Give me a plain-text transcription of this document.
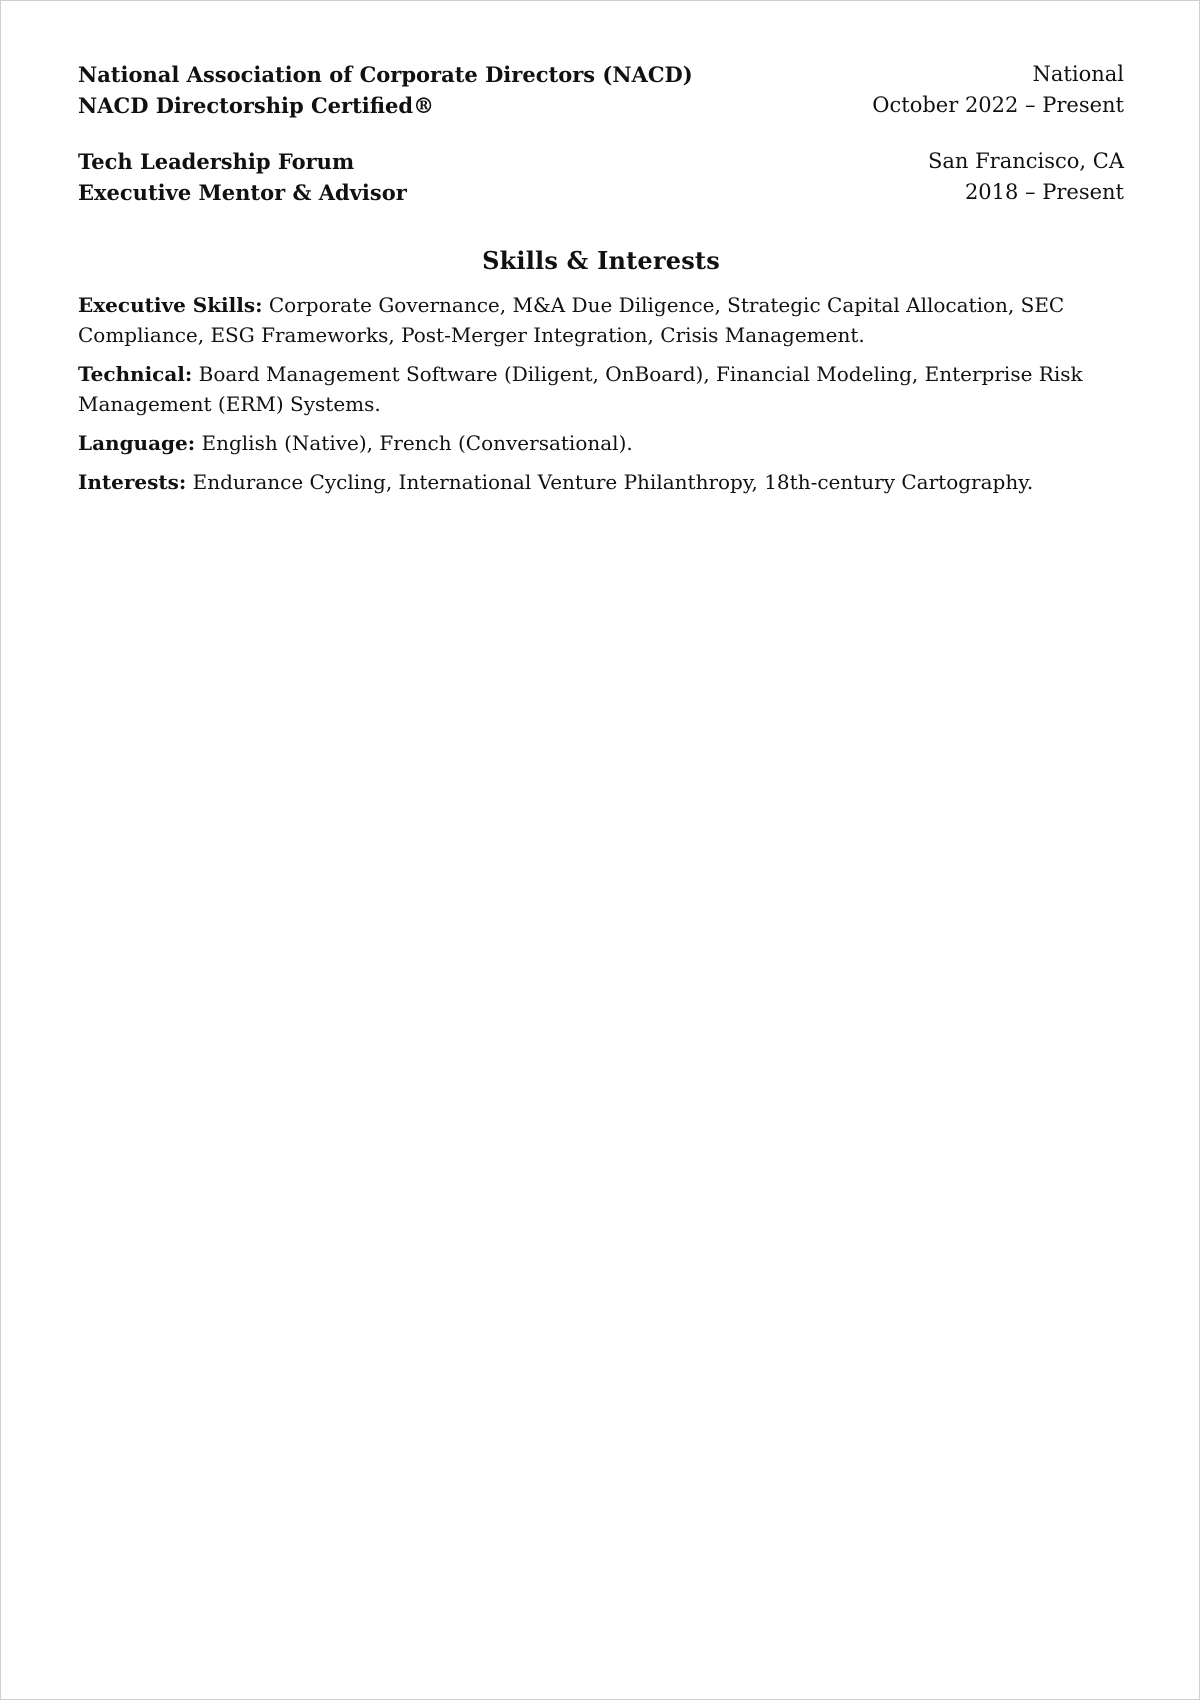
National Association of Corporate Directors (NACD)
NACD Directorship Certified®
National
October 2022 – Present
Tech Leadership Forum
Executive Mentor & Advisor
San Francisco, CA
2018 – Present
Skills & Interests

Executive Skills: Corporate Governance, M&A Due Diligence, Strategic Capital Allocation, SEC Compliance, ESG Frameworks, Post-Merger Integration, Crisis Management.

Technical: Board Management Software (Diligent, OnBoard), Financial Modeling, Enterprise Risk Management (ERM) Systems.

Language: English (Native), French (Conversational).

Interests: Endurance Cycling, International Venture Philanthropy, 18th-century Cartography.
